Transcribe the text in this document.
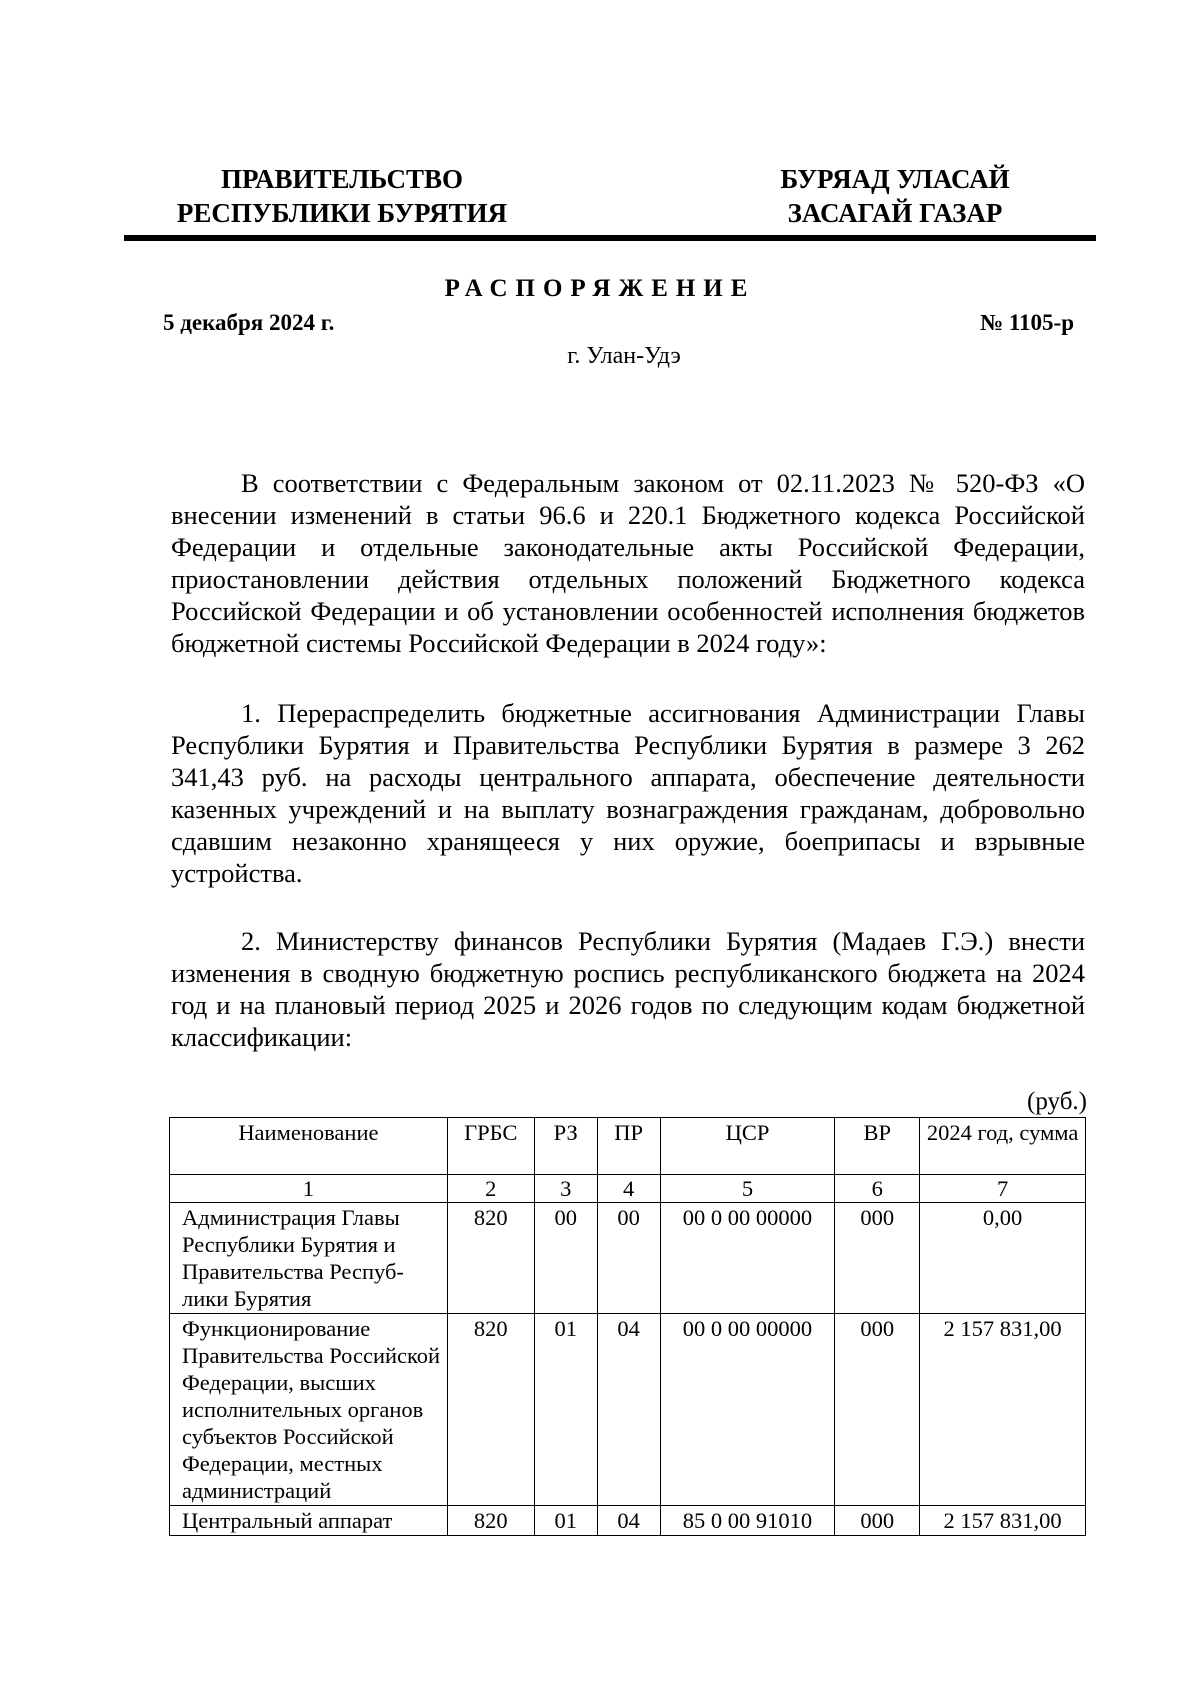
ПРАВИТЕЛЬСТВО
РЕСПУБЛИКИ БУРЯТИЯ
БУРЯАД УЛАСАЙ
ЗАСАГАЙ ГАЗАР
РАСПОРЯЖЕНИЕ
5 декабря 2024 г.	№ 1105-р
г. Улан-Удэ

В соответствии с Федеральным законом от 02.11.2023 № 520-ФЗ «О внесении изменений в статьи 96.6 и 220.1 Бюджетного кодекса Российской Федерации и отдельные законодательные акты Российской Федерации, приостановлении действия отдельных положений Бюджетного кодекса Российской Федерации и об установлении особенностей исполнения бюджетов бюджетной системы Российской Федерации в 2024 году»:

1. Перераспределить бюджетные ассигнования Администрации Главы Республики Бурятия и Правительства Республики Бурятия в размере 3 262 341,43 руб. на расходы центрального аппарата, обеспечение деятельности казенных учреждений и на выплату вознаграждения гражданам, добровольно сдавшим незаконно хранящееся у них оружие, боеприпасы и взрывные устройства.

2. Министерству финансов Республики Бурятия (Мадаев Г.Э.) внести изменения в сводную бюджетную роспись республиканского бюджета на 2024 год и на плановый период 2025 и 2026 годов по следующим кодам бюджетной классификации:

(руб.)
Наименование	ГРБС	РЗ	ПР	ЦСР	ВР	2024 год, сумма
1	2	3	4	5	6	7
Администрация Главы Республики Бурятия и Правительства Республики Бурятия	820	00	00	00 0 00 00000	000	0,00
Функционирование Правительства Российской Федерации, высших исполнительных органов субъектов Российской Федерации, местных администраций	820	01	04	00 0 00 00000	000	2 157 831,00
Центральный аппарат	820	01	04	85 0 00 91010	000	2 157 831,00
